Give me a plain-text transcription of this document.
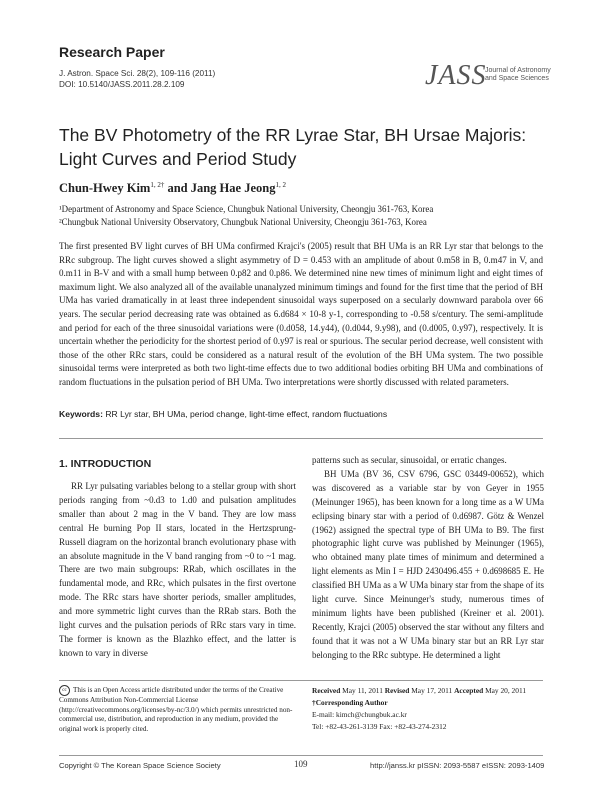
Research Paper
J. Astron. Space Sci. 28(2), 109-116 (2011)
DOI: 10.5140/JASS.2011.28.2.109	JASS
Journal of Astronomy and Space Sciences
The BV Photometry of the RR Lyrae Star, BH Ursae Majoris: Light Curves and Period Study
Chun-Hwey Kim$^{1, 2\dagger}$ and Jang Hae Jeong$^{1, 2}$
¹Department of Astronomy and Space Science, Chungbuk National University, Cheongju 361-763, Korea
²Chungbuk National University Observatory, Chungbuk National University, Cheongju 361-763, Korea

The first presented BV light curves of BH UMa confirmed Krajci's (2005) result that BH UMa is an RR Lyr star that belongs to the RRc subgroup. The light curves showed a slight asymmetry of D = 0.453 with an amplitude of about 0.m58 in B, 0.m47 in V, and 0.m11 in B-V and with a small hump between 0.p82 and 0.p86. We determined nine new times of minimum light and eight times of maximum light. We also analyzed all of the available unanalyzed minimum timings and found for the first time that the period of BH UMa has varied dramatically in at least three independent sinusoidal ways superposed on a secularly downward parabola over 66 years. The secular period decreasing rate was obtained as 6.d684 × 10-8 y-1, corresponding to -0.58 s/century. The semi-amplitude and period for each of the three sinusoidal variations were (0.d058, 14.y44), (0.d044, 9.y98), and (0.d005, 0.y97), respectively. It is uncertain whether the periodicity for the shortest period of 0.y97 is real or spurious. The secular period decrease, well consistent with those of the other RRc stars, could be considered as a natural result of the evolution of the BH UMa system. The two possible sinusoidal terms were interpreted as both two light-time effects due to two additional bodies orbiting BH UMa and combinations of random fluctuations in the pulsation period of BH UMa. Two interpretations were shortly discussed with related parameters.

Keywords: RR Lyr star, BH UMa, period change, light-time effect, random fluctuations
1. INTRODUCTION

RR Lyr pulsating variables belong to a stellar group with short periods ranging from ~0.d3 to 1.d0 and pulsation amplitudes smaller than about 2 mag in the V band. They are low mass central He burning Pop II stars, located in the Hertzsprung-Russell diagram on the horizontal branch evolutionary phase with an absolute magnitude in the V band ranging from ~0 to ~1 mag. There are two main subgroups: RRab, which oscillates in the fundamental mode, and RRc, which pulsates in the first overtone mode. The RRc stars have shorter periods, smaller amplitudes, and more symmetric light curves than the RRab stars. Both the light curves and the pulsation periods of RRc stars vary in time. The former is known as the Blazhko effect, and the latter is known to vary in diverse

patterns such as secular, sinusoidal, or erratic changes.

BH UMa (BV 36, CSV 6796, GSC 03449-00652), which was discovered as a variable star by von Geyer in 1955 (Meinunger 1965), has been known for a long time as a W UMa eclipsing binary star with a period of 0.d6987. Götz & Wenzel (1962) assigned the spectral type of BH UMa to B9. The first photographic light curve was published by Meinunger (1965), who obtained many plate times of minimum and determined a light elements as Min I = HJD 2430496.455 + 0.d698685 E. He classified BH UMa as a W UMa binary star from the shape of its light curve. Since Meinunger's study, numerous times of minimum lights have been published (Kreiner et al. 2001). Recently, Krajci (2005) observed the star without any filters and found that it was not a W UMa binary star but an RR Lyr star belonging to the RRc subtype. He determined a light

cc This is an Open Access article distributed under the terms of the Creative Commons Attribution Non-Commercial License (http://creativecommons.org/licenses/by-nc/3.0/) which permits unrestricted non-commercial use, distribution, and reproduction in any medium, provided the original work is properly cited.
Received May 11, 2011 Revised May 17, 2011 Accepted May 20, 2011
†Corresponding Author
E-mail: kimch@chungbuk.ac.kr
Tel: +82-43-261-3139 Fax: +82-43-274-2312
Copyright © The Korean Space Science Society	109	http://janss.kr pISSN: 2093-5587 eISSN: 2093-1409
